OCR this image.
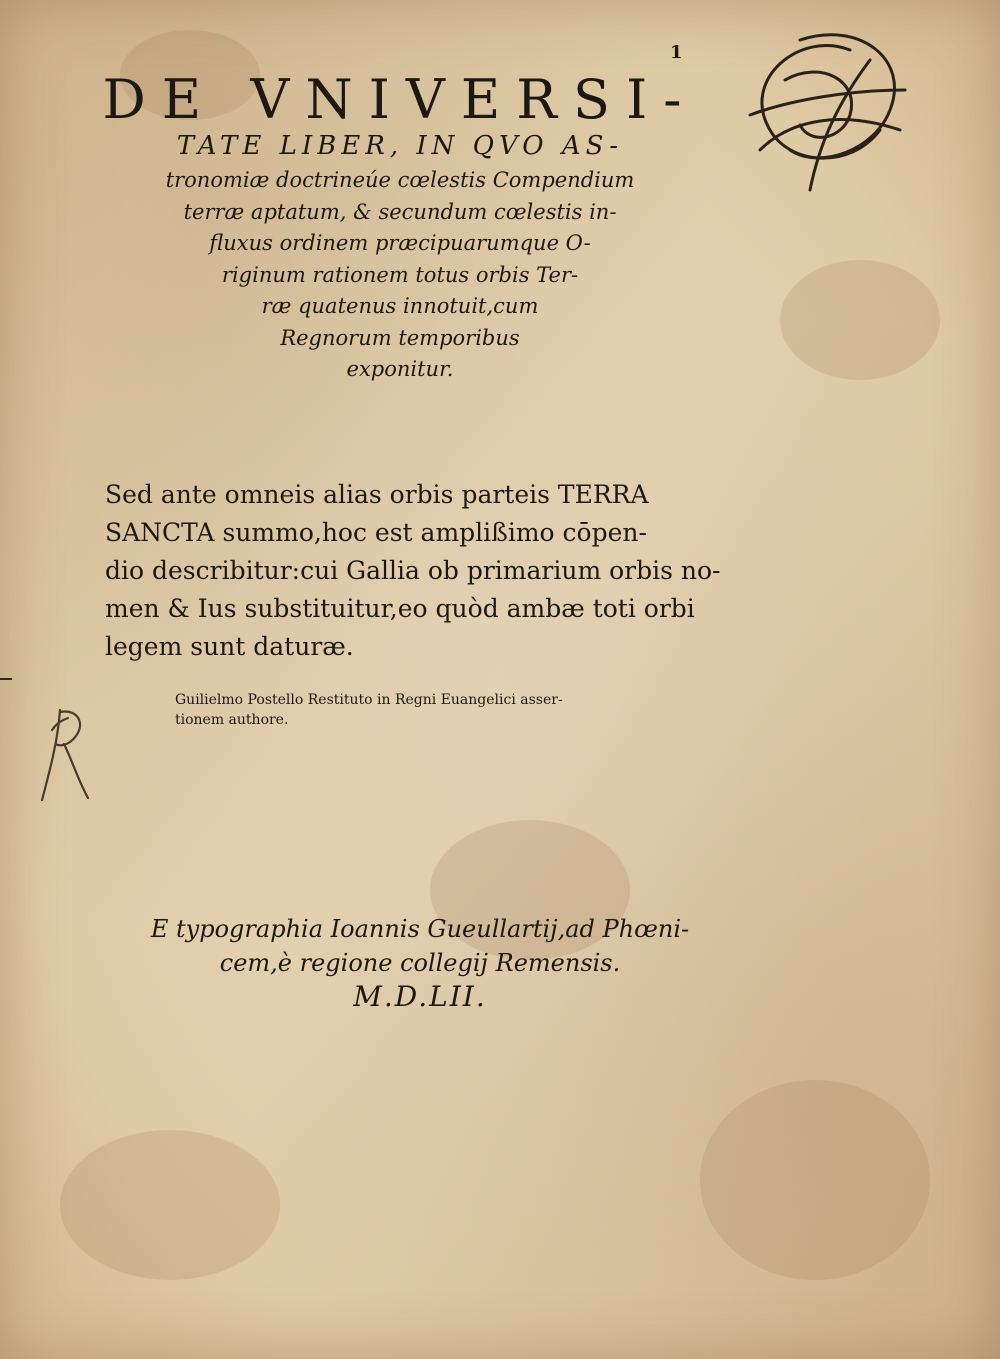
1
DE VNIVERSI-
TATE LIBER, IN QVO AS-
tronomiæ doctrineúe cœlestis Compendium
terræ aptatum, & secundum cœlestis in-
fluxus ordinem præcipuarumque O-
riginum rationem totus orbis Ter-
ræ quatenus innotuit,cum
Regnorum temporibus
exponitur.
Sed ante omneis alias orbis parteis TERRA
SANCTA summo,hoc est amplißimo cōpen-
dio describitur:cui Gallia ob primarium orbis no-
men & Ius substituitur,eo quòd ambæ toti orbi
legem sunt daturæ.
Guilielmo Postello Restituto in Regni Euangelici asser-
tionem authore.
E typographia Ioannis Gueullartij,ad Phœni-
cem,è regione collegij Remensis.
M.D.LII.
